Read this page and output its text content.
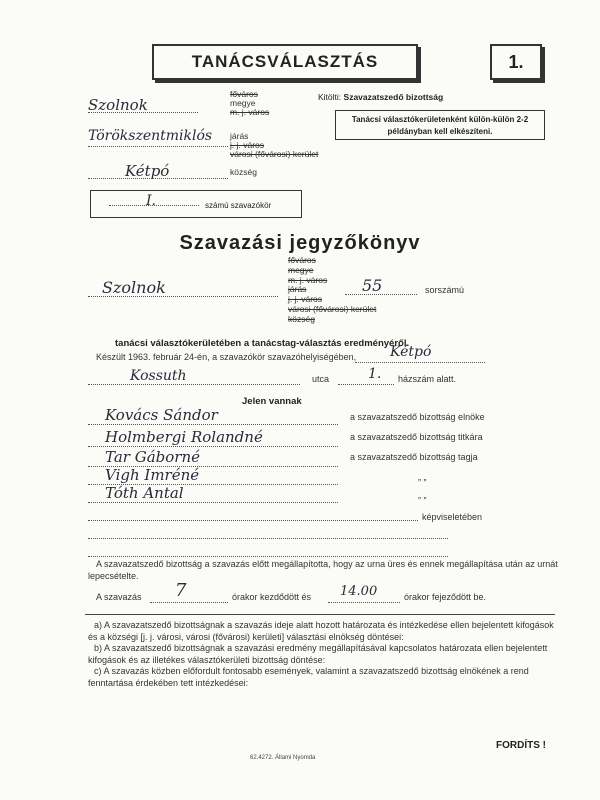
TANÁCSVÁLASZTÁS	1.
Szolnok
főváros
megye
m. j. város
Kitölti: Szavazatszedő bizottság
Tanácsi választókerületenként külön-külön 2-2 példányban kell elkészíteni.
Törökszentmiklós járás
j. j. város
városi (fővárosi) kerület
Kétpó	község
I.	számú szavazókör
Szavazási jegyzőkönyv
Szolnok
főváros
megye
m. j. város
járás
j. j. város
városi (fővárosi) kerület
község
55	sorszámú
tanácsi választókerületében a tanácstag-választás eredményéről.
Készült 1963. február 24-én, a szavazókör szavazóhelyiségében, Kétpó
Kossuth	utca	1. házszám alatt.
Jelen vannak
Kovács Sándor	a szavazatszedő bizottság elnöke
Holmbergi Rolandné	a szavazatszedő bizottság titkára
Tar Gáborné	a szavazatszedő bizottság tagja
Vigh Imréné	„ „
Tóth Antal	„ „
képviseletében
A szavazatszedő bizottság a szavazás előtt megállapította, hogy az urna üres és ennek megállapítása után az urnát lepecsételte.
A szavazás 7	órakor kezdődött és 14.00	órakor fejeződött be.
a) A szavazatszedő bizottságnak a szavazás ideje alatt hozott határozata és intézkedése ellen bejelentett kifogások és a községi [j. j. városi, városi (fővárosi) kerületi] választási elnökség döntései:
b) A szavazatszedő bizottságnak a szavazási eredmény megállapításával kapcsolatos határozata ellen bejelentett kifogások és az illetékes választókerületi bizottság döntése:
c) A szavazás közben előfordult fontosabb események, valamint a szavazatszedő bizottság elnökének a rend fenntartása érdekében tett intézkedései:
62.4272. Állami Nyomda
FORDÍTS !
